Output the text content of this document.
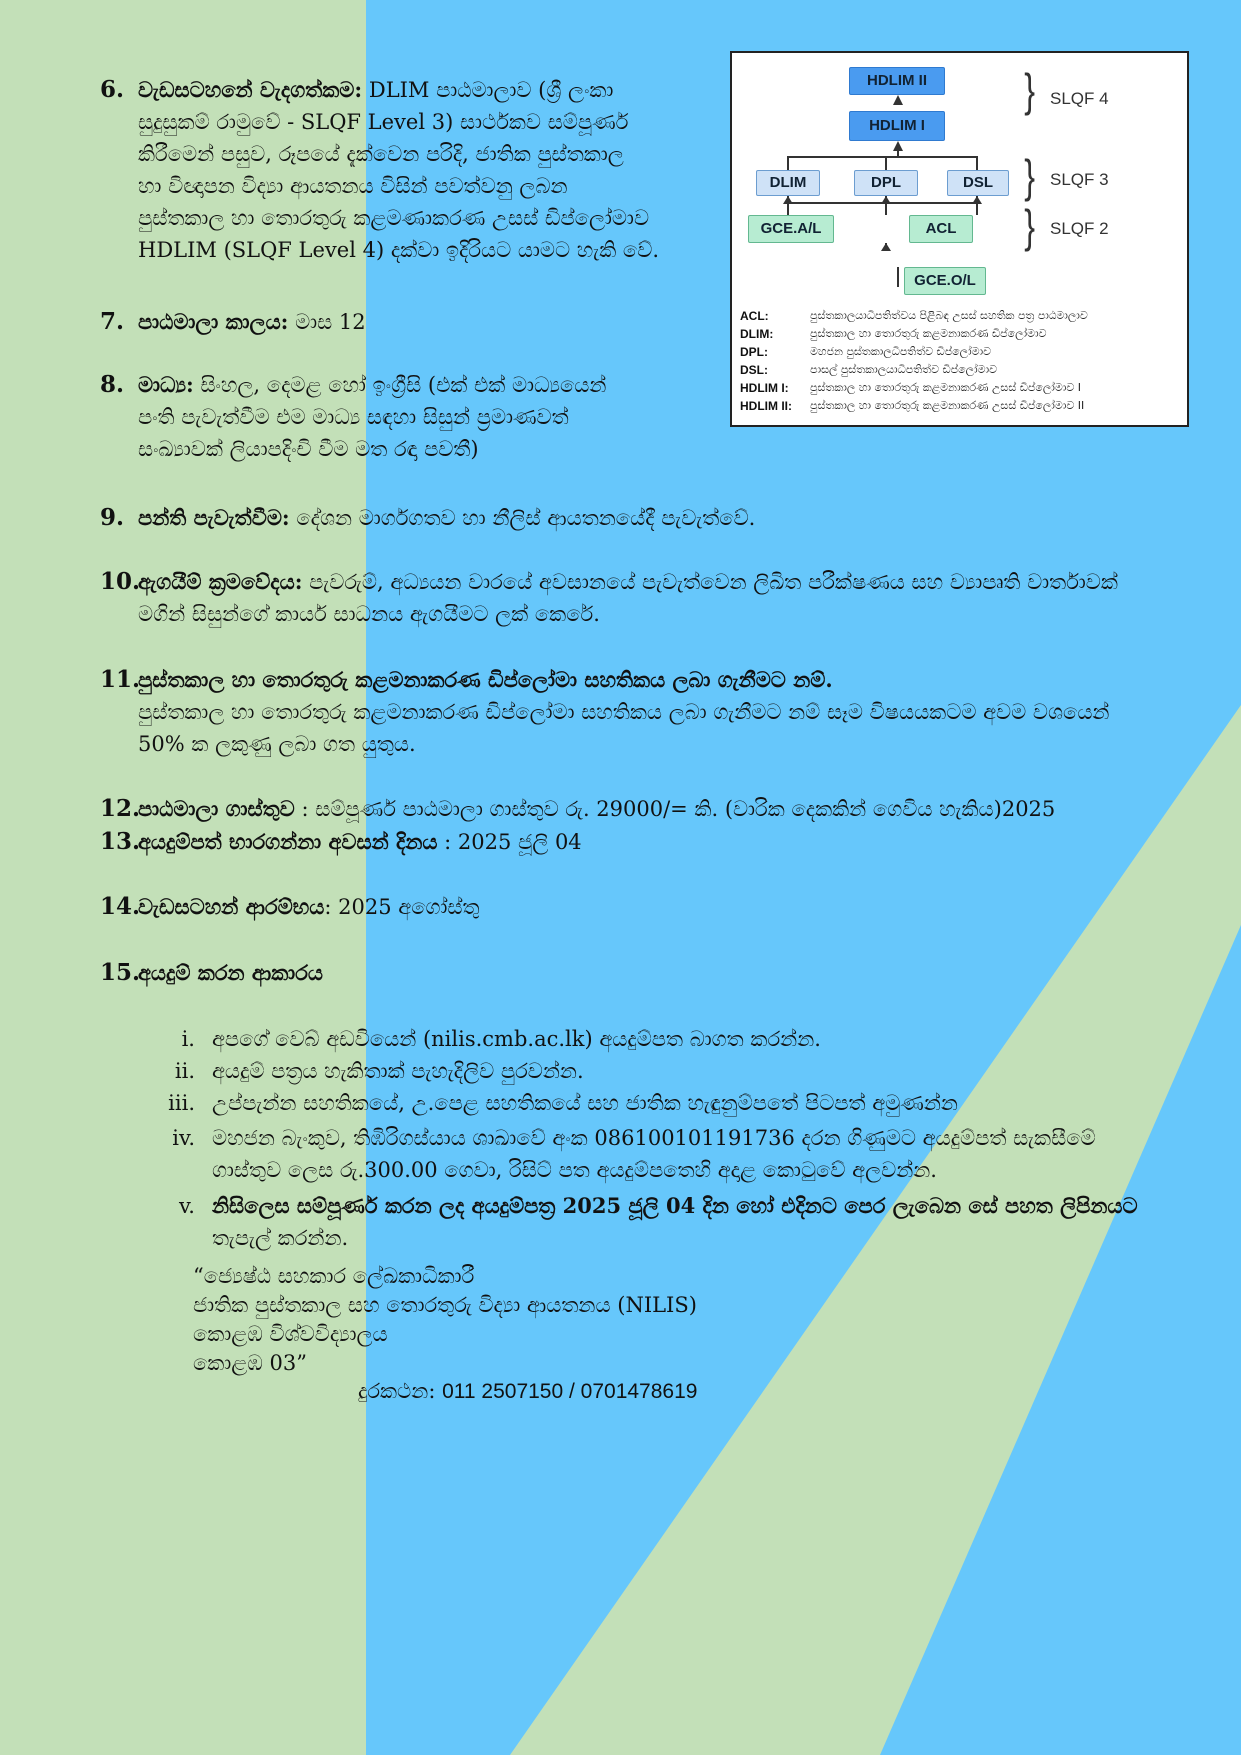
HDLIM II
HDLIM I
DLIM	DPL	DSL
GCE.A/L	ACL
GCE.O/L
} SLQF 4
} SLQF 3
} SLQF 2
ACL:	පුස්තකාලයාධිපතිත්වය පිළිබඳ උසස් සහතික පත්‍ර පාඨමාලාව
DLIM:	පුස්තකාල හා තොරතුරු කළමනාකරණ ඩිප්ලෝමාව
DPL:	මහජන පුස්තකාලධිපතිත්ව ඩිප්ලෝමාව
DSL:	පාසල් පුස්තකාලයාධිපතිත්ව ඩිප්ලෝමාව
HDLIM I: පුස්තකාල හා තොරතුරු කළමනාකරණ උසස් ඩිප්ලෝමාව I
HDLIM II: පුස්තකාල හා තොරතුරු කළමනාකරණ උසස් ඩිප්ලෝමාව II
6. වැඩසටහනේ වැදගත්කම: DLIM පාඨමාලාව (ශ්‍රී ලංකා
සුදුසුකම් රාමුවේ - SLQF Level 3) සාර්ථකව සම්පූර්ණ
කිරීමෙන් පසුව, රූපයේ දැක්වෙන පරිදි, ජාතික පුස්තකාල
හා විඥාපන විද්‍යා ආයතනය විසින් පවත්වනු ලබන
පුස්තකාල හා තොරතුරු කළමණාකරණ උසස් ඩිප්ලෝමාව
HDLIM (SLQF Level 4) දක්වා ඉදිරියට යාමට හැකි වේ.
7. පාඨමාලා කාලය: මාස 12
8. මාධ්‍ය: සිංහල, දෙමළ හෝ ඉංග්‍රීසි (එක් එක් මාධ්‍යයෙන්
පංති පැවැත්වීම එම මාධ්‍ය සඳහා සිසුන් ප්‍රමාණවත්
සංඛ්‍යාවක් ලියාපදිංචි වීම මත රඳා පවතී)
9. පන්ති පැවැත්වීම: දේශන මාර්ගගතව හා නීලිස් ආයතනයේදී පැවැත්වේ.
10.
ඇගයීම් ක්‍රමවේදය: පැවරුම්, අධ්‍යයන වාරයේ අවසානයේ පැවැත්වෙන ලිඛිත පරීක්ෂණය සහ ව්‍යාපෘති වාර්තාවක්
මගින් සිසුන්ගේ කාර්ය සාධනය ඇගයීමට ලක් කෙරේ.
11.
පුස්තකාල හා තොරතුරු කළමනාකරණ ඩිප්ලෝමා සහතිකය ලබා ගැනීමට නම්.
පුස්තකාල හා තොරතුරු කළමනාකරණ ඩිප්ලෝමා සහතිකය ලබා ගැනීමට නම් සෑම විෂයයකටම අවම වශයෙන්
50% ක ලකුණු ලබා ගත යුතුය.
12.
පාඨමාලා ගාස්තුව : සම්පූර්ණ පාඨමාලා ගාස්තුව රු. 29000/= කි. (වාරික දෙකකින් ගෙවිය හැකිය)2025
13.
අයදුම්පත් භාරගන්නා අවසන් දිනය : 2025 ජූලි 04
14.
වැඩසටහන් ආරම්භය: 2025 අගෝස්තු
15.
අයදුම් කරන ආකාරය
i. අපගේ වෙබ් අඩවියෙන් (nilis.cmb.ac.lk) අයදුම්පත බාගත කරන්න.
ii. අයදුම් පත්‍රය හැකිතාක් පැහැදිලිව පුරවන්න.
iii. උප්පැන්න සහතිකයේ, උ.පෙළ සහතිකයේ සහ ජාතික හැඳුනුම්පතේ පිටපත් අමුණන්න
iv. මහජන බැංකුව, තිඹිරිගස්යාය ශාඛාවේ අංක 086100101191736 දරන ගිණුමට අයදුම්පත් සැකසීමේ
ගාස්තුව ලෙස රු.300.00 ගෙවා, රිසිට් පත අයදුම්පතෙහි අදාළ කොටුවේ අලවන්න.
v. නිසිලෙස සම්පූර්ණ කරන ලද අයදුම්පත්‍ර 2025 ජූලි 04 දින හෝ එදිනට පෙර ලැබෙන සේ පහත ලිපිනයට
තැපැල් කරන්න.
“ජ්‍යෙෂ්ඨ සහකාර ලේඛකාධිකාරී
ජාතික පුස්තකාල සහ තොරතුරු විද්‍යා ආයතනය (NILIS)
කොළඹ විශ්වවිද්‍යාලය
කොළඹ 03”
දුරකථන: 011 2507150 / 0701478619
